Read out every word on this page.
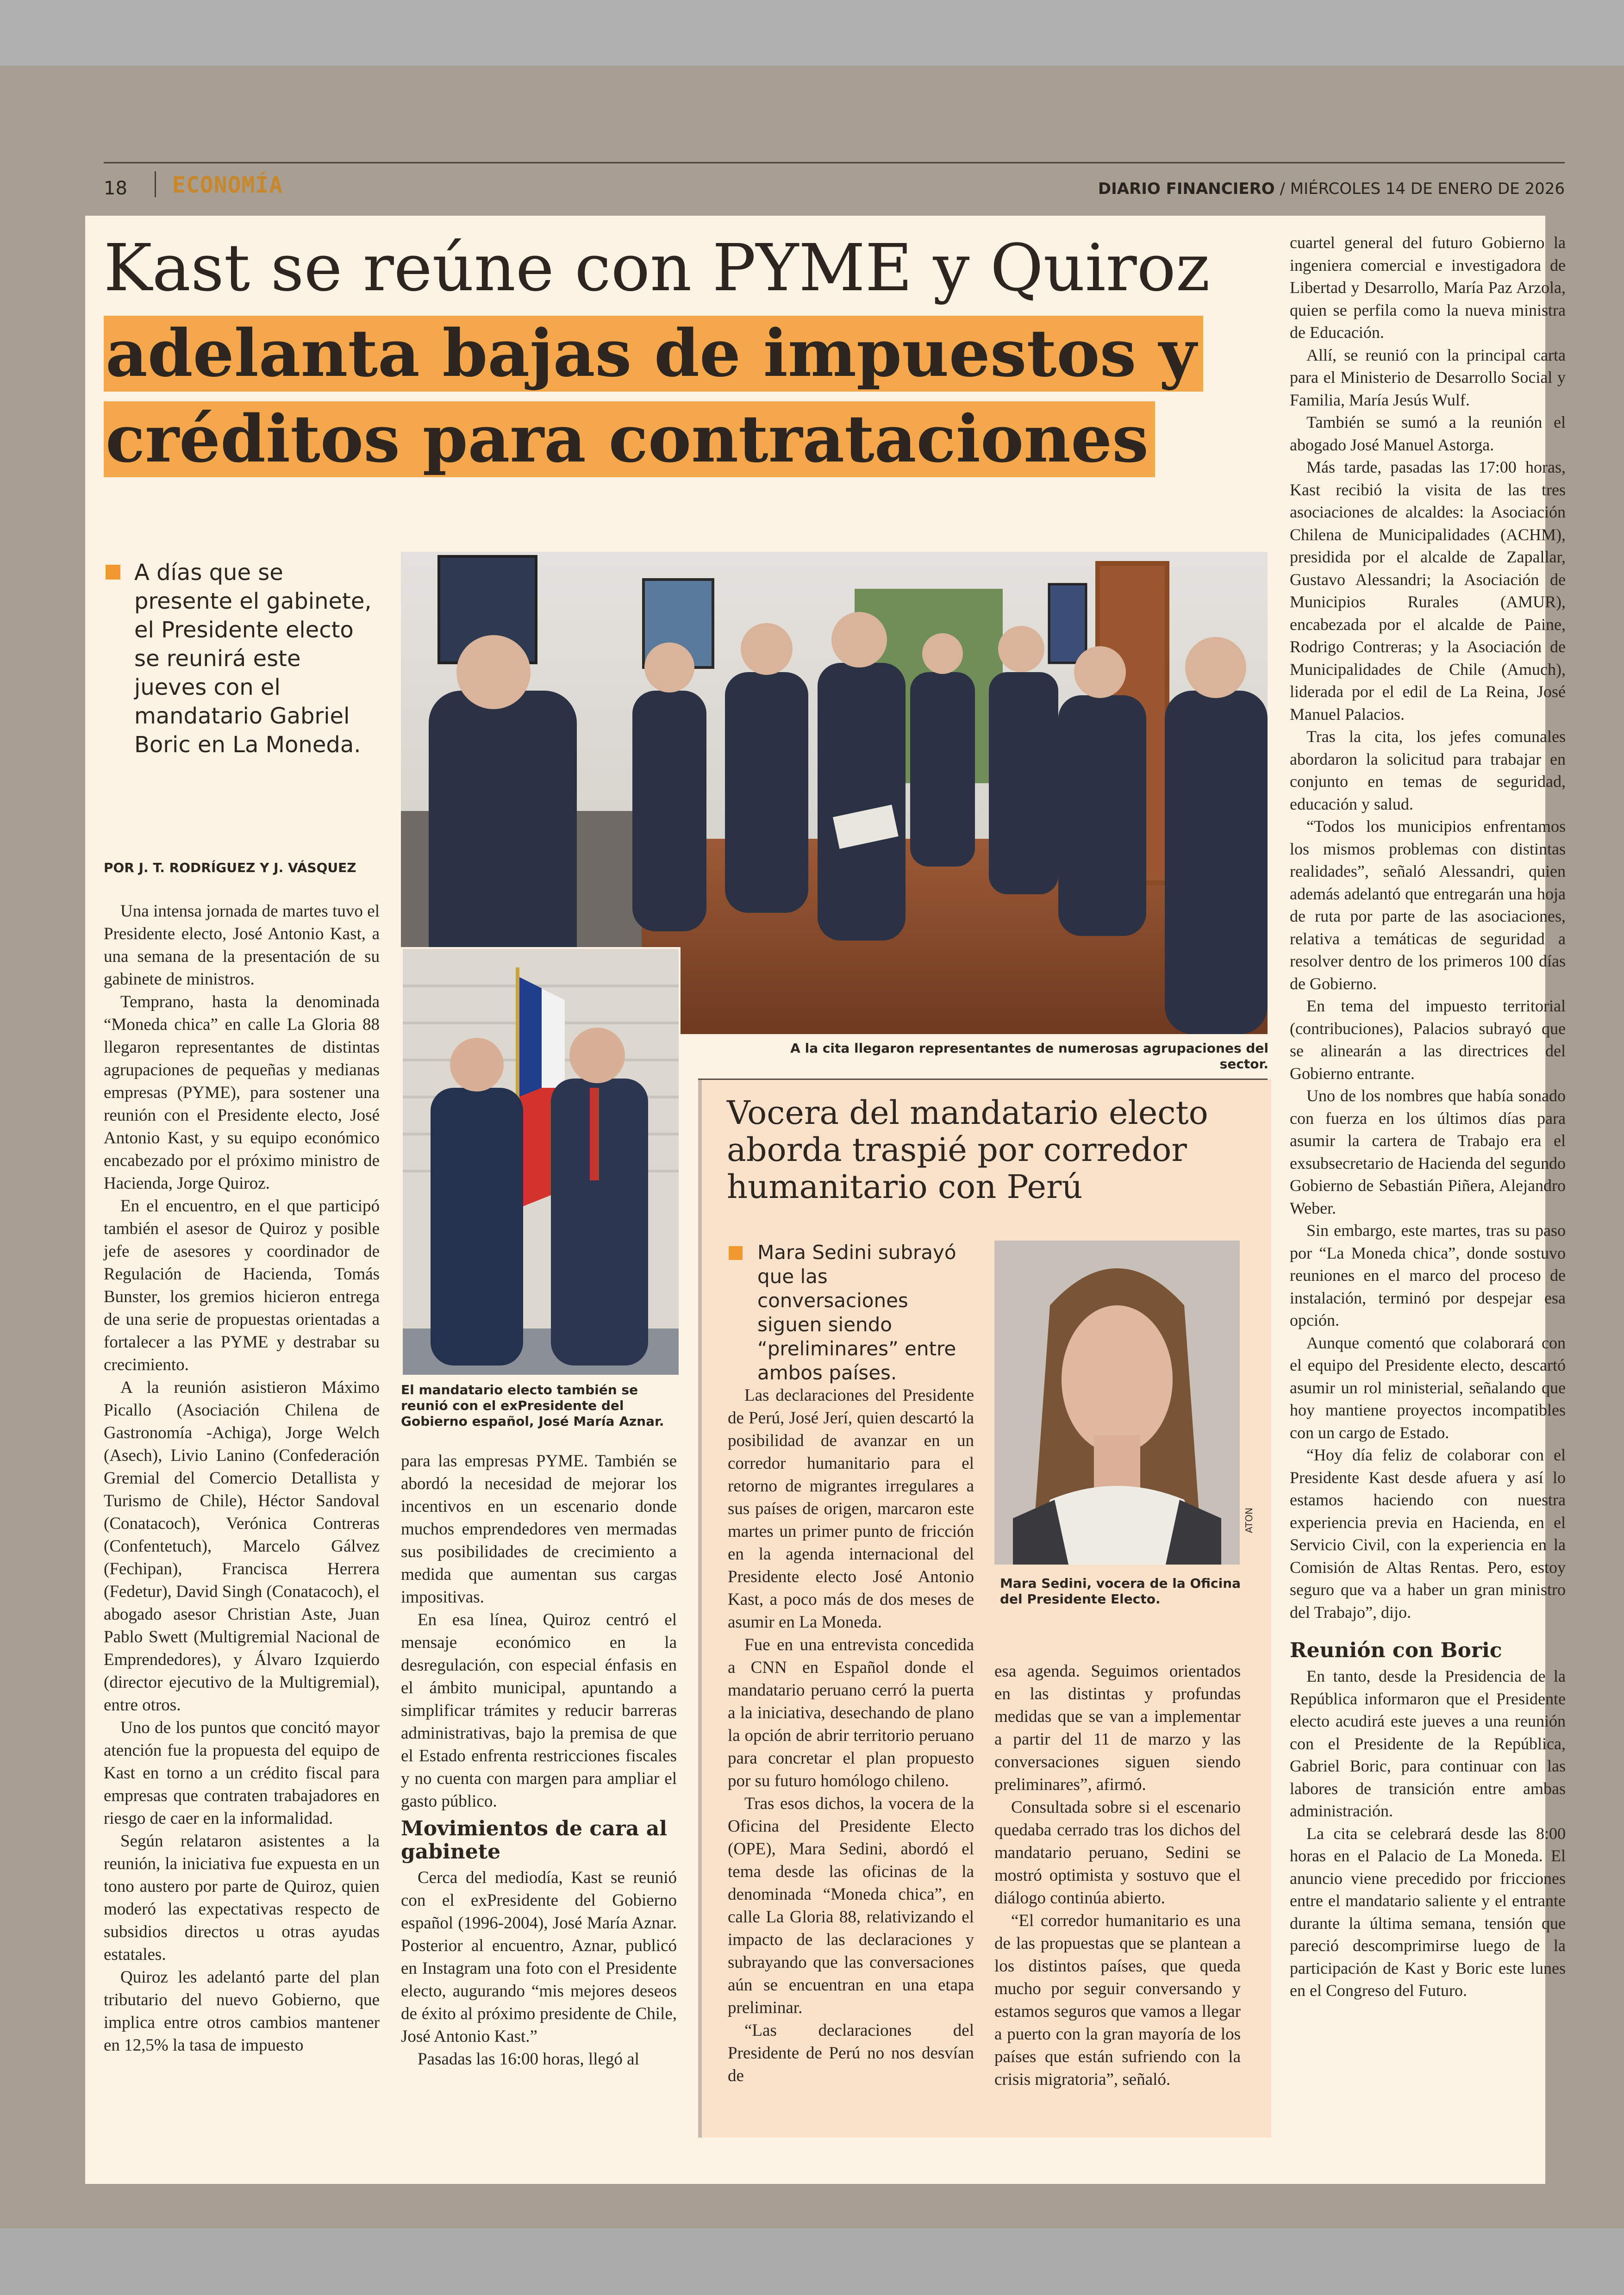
18 ECONOMÍA	DIARIO FINANCIERO / MIÉRCOLES 14 DE ENERO DE 2026
Kast se reúne con PYME y Quiroz
adelanta bajas de impuestos y
créditos para contrataciones
A días que se presente el gabinete, el Presidente electo se reunirá este jueves con el mandatario Gabriel Boric en La Moneda.
POR J. T. RODRÍGUEZ Y J. VÁSQUEZ

Una intensa jornada de martes tuvo el Presidente electo, José Antonio Kast, a una semana de la presentación de su gabinete de ministros.

Temprano, hasta la denominada “Moneda chica” en calle La Gloria 88 llegaron representantes de distintas agrupaciones de pequeñas y medianas empresas (PYME), para sostener una reunión con el Presidente electo, José Antonio Kast, y su equipo económico encabezado por el próximo ministro de Hacienda, Jorge Quiroz.

En el encuentro, en el que participó también el asesor de Quiroz y posible jefe de asesores y coordinador de Regulación de Hacienda, Tomás Bunster, los gremios hicieron entrega de una serie de propuestas orientadas a fortalecer a las PYME y destrabar su crecimiento.

A la reunión asistieron Máximo Picallo (Asociación Chilena de Gastronomía -Achiga), Jorge Welch (Asech), Livio Lanino (Confederación Gremial del Comercio Detallista y Turismo de Chile), Héctor Sandoval (Conatacoch), Verónica Contreras (Confentetuch), Marcelo Gálvez (Fechipan), Francisca Herrera (Fedetur), David Singh (Conatacoch), el abogado asesor Christian Aste, Juan Pablo Swett (Multigremial Nacional de Emprendedores), y Álvaro Izquierdo (director ejecutivo de la Multigremial), entre otros.

Uno de los puntos que concitó mayor atención fue la propuesta del equipo de Kast en torno a un crédito fiscal para empresas que contraten trabajadores en riesgo de caer en la informalidad.

Según relataron asistentes a la reunión, la iniciativa fue expuesta en un tono austero por parte de Quiroz, quien moderó las expectativas respecto de subsidios directos u otras ayudas estatales.

Quiroz les adelantó parte del plan tributario del nuevo Gobierno, que implica entre otros cambios mantener en 12,5% la tasa de impuesto

A la cita llegaron representantes de numerosas agrupaciones del sector.
El mandatario electo también se reunió con el exPresidente del Gobierno español, José María Aznar.

para las empresas PYME. También se abordó la necesidad de mejorar los incentivos en un escenario donde muchos emprendedores ven mermadas sus posibilidades de crecimiento a medida que aumentan sus cargas impositivas.

En esa línea, Quiroz centró el mensaje económico en la desregulación, con especial énfasis en el ámbito municipal, apuntando a simplificar trámites y reducir barreras administrativas, bajo la premisa de que el Estado enfrenta restricciones fiscales y no cuenta con margen para ampliar el gasto público.

Movimientos de cara al gabinete

Cerca del mediodía, Kast se reunió con el exPresidente del Gobierno español (1996-2004), José María Aznar. Posterior al encuentro, Aznar, publicó en Instagram una foto con el Presidente electo, augurando “mis mejores deseos de éxito al próximo presidente de Chile, José Antonio Kast.”

Pasadas las 16:00 horas, llegó al

Vocera del mandatario electo aborda traspié por corredor humanitario con Perú
Mara Sedini subrayó que las conversaciones siguen siendo “preliminares” entre ambos países.
Mara Sedini, vocera de la Oficina del Presidente Electo.

Las declaraciones del Presidente de Perú, José Jerí, quien descartó la posibilidad de avanzar en un corredor humanitario para el retorno de migrantes irregulares a sus países de origen, marcaron este martes un primer punto de fricción en la agenda internacional del Presidente electo José Antonio Kast, a poco más de dos meses de asumir en La Moneda.

Fue en una entrevista concedida a CNN en Español donde el mandatario peruano cerró la puerta a la iniciativa, desechando de plano la opción de abrir territorio peruano para concretar el plan propuesto por su futuro homólogo chileno.

Tras esos dichos, la vocera de la Oficina del Presidente Electo (OPE), Mara Sedini, abordó el tema desde las oficinas de la denominada “Moneda chica”, en calle La Gloria 88, relativizando el impacto de las declaraciones y subrayando que las conversaciones aún se encuentran en una etapa preliminar.

“Las declaraciones del Presidente de Perú no nos desvían de

esa agenda. Seguimos orientados en las distintas y profundas medidas que se van a implementar a partir del 11 de marzo y las conversaciones siguen siendo preliminares”, afirmó.

Consultada sobre si el escenario quedaba cerrado tras los dichos del mandatario peruano, Sedini se mostró optimista y sostuvo que el diálogo continúa abierto.

“El corredor humanitario es una de las propuestas que se plantean a los distintos países, que queda mucho por seguir conversando y estamos seguros que vamos a llegar a puerto con la gran mayoría de los países que están sufriendo con la crisis migratoria”, señaló.

cuartel general del futuro Gobierno la ingeniera comercial e investigadora de Libertad y Desarrollo, María Paz Arzola, quien se perfila como la nueva ministra de Educación.

Allí, se reunió con la principal carta para el Ministerio de Desarrollo Social y Familia, María Jesús Wulf.

También se sumó a la reunión el abogado José Manuel Astorga.

Más tarde, pasadas las 17:00 horas, Kast recibió la visita de las tres asociaciones de alcaldes: la Asociación Chilena de Municipalidades (ACHM), presidida por el alcalde de Zapallar, Gustavo Alessandri; la Asociación de Municipios Rurales (AMUR), encabezada por el alcalde de Paine, Rodrigo Contreras; y la Asociación de Municipalidades de Chile (Amuch), liderada por el edil de La Reina, José Manuel Palacios.

Tras la cita, los jefes comunales abordaron la solicitud para trabajar en conjunto en temas de seguridad, educación y salud.

“Todos los municipios enfrentamos los mismos problemas con distintas realidades”, señaló Alessandri, quien además adelantó que entregarán una hoja de ruta por parte de las asociaciones, relativa a temáticas de seguridad a resolver dentro de los primeros 100 días de Gobierno.

En tema del impuesto territorial (contribuciones), Palacios subrayó que se alinearán a las directrices del Gobierno entrante.

Uno de los nombres que había sonado con fuerza en los últimos días para asumir la cartera de Trabajo era el exsubsecretario de Hacienda del segundo Gobierno de Sebastián Piñera, Alejandro Weber.

Sin embargo, este martes, tras su paso por “La Moneda chica”, donde sostuvo reuniones en el marco del proceso de instalación, terminó por despejar esa opción.

Aunque comentó que colaborará con el equipo del Presidente electo, descartó asumir un rol ministerial, señalando que hoy mantiene proyectos incompatibles con un cargo de Estado.

“Hoy día feliz de colaborar con el Presidente Kast desde afuera y así lo estamos haciendo con nuestra experiencia previa en Hacienda, en el Servicio Civil, con la experiencia en la Comisión de Altas Rentas. Pero, estoy seguro que va a haber un gran ministro del Trabajo”, dijo.

Reunión con Boric

En tanto, desde la Presidencia de la República informaron que el Presidente electo acudirá este jueves a una reunión con el Presidente de la República, Gabriel Boric, para continuar con las labores de transición entre ambas administración.

La cita se celebrará desde las 8:00 horas en el Palacio de La Moneda. El anuncio viene precedido por fricciones entre el mandatario saliente y el entrante durante la última semana, tensión que pareció descomprimirse luego de la participación de Kast y Boric este lunes en el Congreso del Futuro.
